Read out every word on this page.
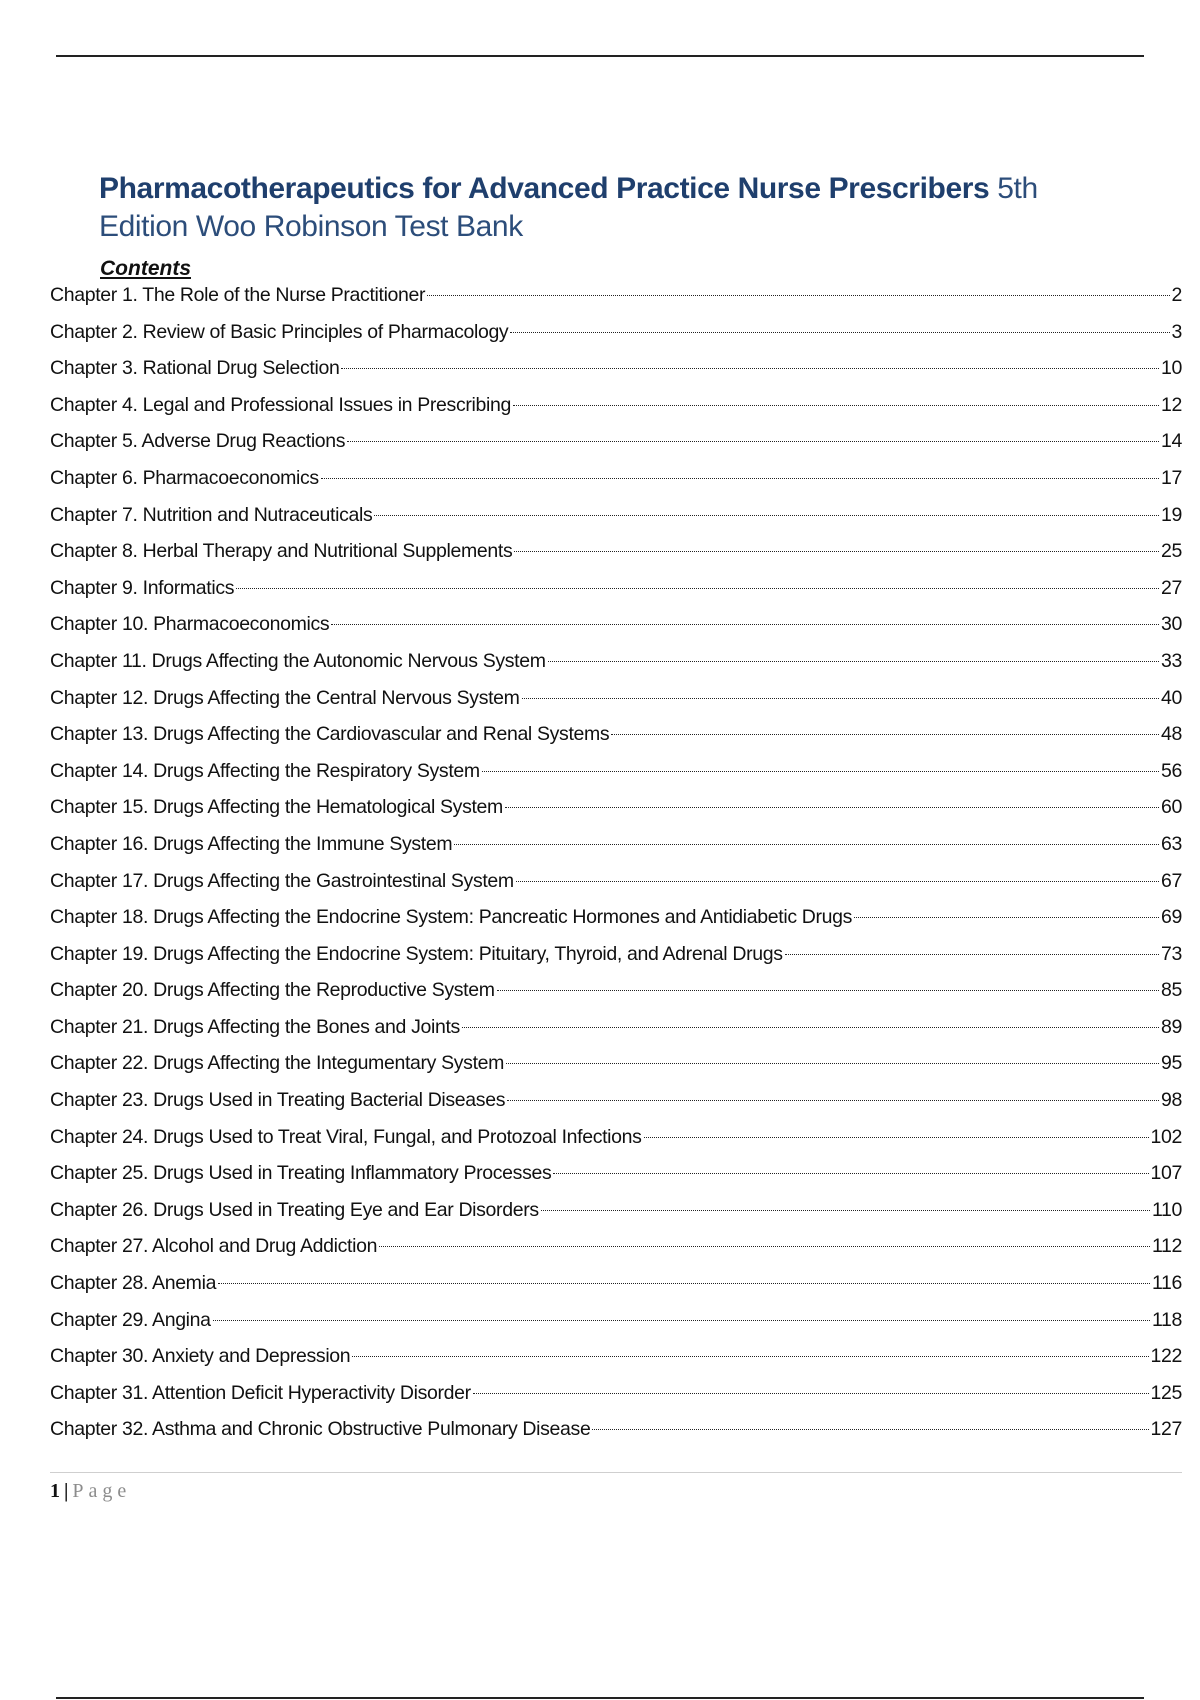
Pharmacotherapeutics for Advanced Practice Nurse Prescribers 5th Edition Woo Robinson Test Bank
Contents
Chapter 1. The Role of the Nurse Practitioner	2
Chapter 2. Review of Basic Principles of Pharmacology	3
Chapter 3. Rational Drug Selection	10
Chapter 4. Legal and Professional Issues in Prescribing	12
Chapter 5. Adverse Drug Reactions	14
Chapter 6. Pharmacoeconomics	17
Chapter 7. Nutrition and Nutraceuticals	19
Chapter 8. Herbal Therapy and Nutritional Supplements	25
Chapter 9. Informatics	27
Chapter 10. Pharmacoeconomics	30
Chapter 11. Drugs Affecting the Autonomic Nervous System	33
Chapter 12. Drugs Affecting the Central Nervous System	40
Chapter 13. Drugs Affecting the Cardiovascular and Renal Systems	48
Chapter 14. Drugs Affecting the Respiratory System	56
Chapter 15. Drugs Affecting the Hematological System	60
Chapter 16. Drugs Affecting the Immune System	63
Chapter 17. Drugs Affecting the Gastrointestinal System	67
Chapter 18. Drugs Affecting the Endocrine System: Pancreatic Hormones and Antidiabetic Drugs	69
Chapter 19. Drugs Affecting the Endocrine System: Pituitary, Thyroid, and Adrenal Drugs	73
Chapter 20. Drugs Affecting the Reproductive System	85
Chapter 21. Drugs Affecting the Bones and Joints	89
Chapter 22. Drugs Affecting the Integumentary System	95
Chapter 23. Drugs Used in Treating Bacterial Diseases	98
Chapter 24. Drugs Used to Treat Viral, Fungal, and Protozoal Infections	102
Chapter 25. Drugs Used in Treating Inflammatory Processes	107
Chapter 26. Drugs Used in Treating Eye and Ear Disorders	110
Chapter 27. Alcohol and Drug Addiction	112
Chapter 28. Anemia	116
Chapter 29. Angina	118
Chapter 30. Anxiety and Depression	122
Chapter 31. Attention Deficit Hyperactivity Disorder	125
Chapter 32. Asthma and Chronic Obstructive Pulmonary Disease	127

1 | Page
